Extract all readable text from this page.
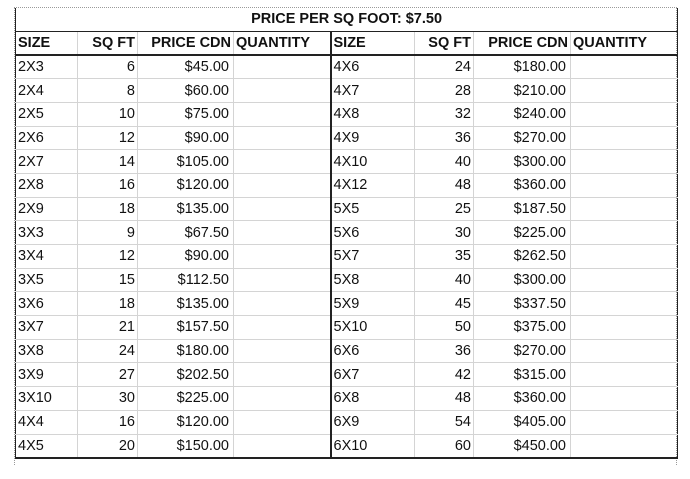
PRICE PER SQ FOOT: $7.50							
SIZE	SQ FT	PRICE CDN	QUANTITY	SIZE	SQ FT	PRICE CDN	QUANTITY
2X3	6	$45.00		4X6	24	$180.00	
2X4	8	$60.00		4X7	28	$210.00	
2X5	10	$75.00		4X8	32	$240.00	
2X6	12	$90.00		4X9	36	$270.00	
2X7	14	$105.00		4X10	40	$300.00	
2X8	16	$120.00		4X12	48	$360.00	
2X9	18	$135.00		5X5	25	$187.50	
3X3	9	$67.50		5X6	30	$225.00	
3X4	12	$90.00		5X7	35	$262.50	
3X5	15	$112.50		5X8	40	$300.00	
3X6	18	$135.00		5X9	45	$337.50	
3X7	21	$157.50		5X10	50	$375.00	
3X8	24	$180.00		6X6	36	$270.00	
3X9	27	$202.50		6X7	42	$315.00	
3X10	30	$225.00		6X8	48	$360.00	
4X4	16	$120.00		6X9	54	$405.00	
4X5	20	$150.00		6X10	60	$450.00	
